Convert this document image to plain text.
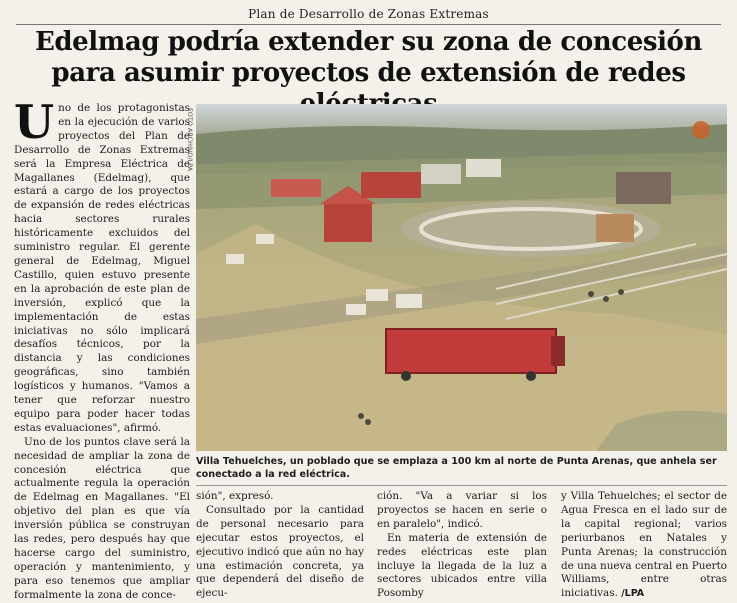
Plan de Desarrollo de Zonas Extremas
Edelmag podría extender su zona de concesión para asumir proyectos de extensión de redes

Uno de los protagonistas en la ejecución de varios proyectos del Plan de Desarrollo de Zonas Extremas será la Empresa Eléctrica de Magallanes (Edelmag), que estará a cargo de los proyectos de expansión de redes eléctricas hacia sectores rurales históricamente excluidos del suministro regular. El gerente general de Edelmag, Miguel Castillo, quien estuvo presente en la aprobación de este plan de inversión, explicó que la implementación de estas iniciativas no sólo implicará desafíos técnicos, por la distancia y las condiciones geográficas, sino también logísticos y humanos. "Vamos a tener que reforzar nuestro equipo para poder hacer todas estas evaluaciones", afirmó.

Uno de los puntos clave será la necesidad de ampliar la zona de concesión eléctrica que actualmente regula la operación de Edelmag en Magallanes. "El objetivo del plan es que vía inversión pública se construyan las redes, pero después hay que hacerse cargo del suministro, operación y mantenimiento, y para eso tenemos que ampliar formalmente la zona de conce-

FOTO ARCHIVO/LPA
Villa Tehuelches, un poblado que se emplaza a 100 km al norte de Punta Arenas, que anhela ser conectado a la red eléctrica.

sión", expresó.

Consultado por la cantidad de personal necesario para ejecutar estos proyectos, el ejecutivo indicó que aún no hay una estimación concreta, ya que dependerá del diseño de ejecu-

ción. "Va a variar si los proyectos se hacen en serie o en paralelo", indicó.

En materia de extensión de redes eléctricas este plan incluye la llegada de la luz a sectores ubicados entre villa Posomby

y Villa Tehuelches; el sector de Agua Fresca en el lado sur de la capital regional; varios periurbanos en Natales y Punta Arenas; la construcción de una nueva central en Puerto Williams, entre otras iniciativas. /LPA
